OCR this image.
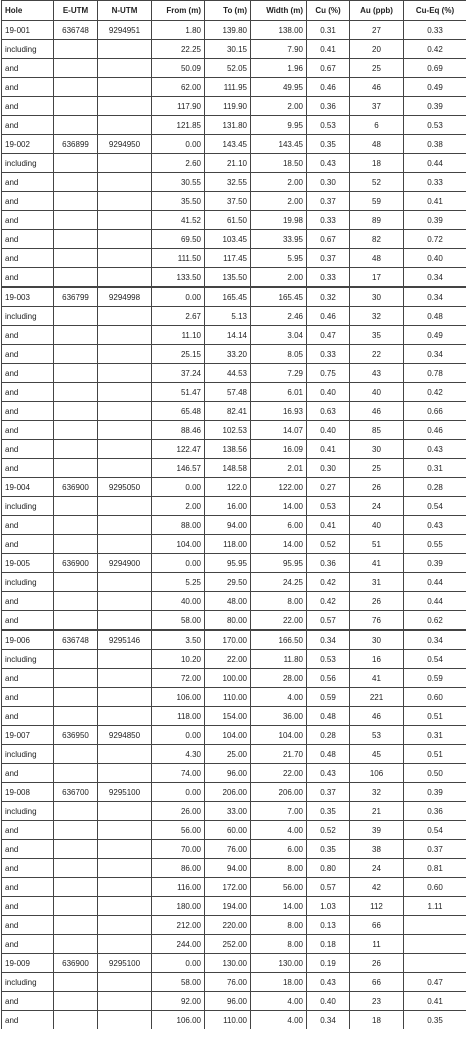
Hole	E-UTM	N-UTM	From (m)	To (m)	Width (m)	Cu (%)	Au (ppb)	Cu-Eq (%)
19-001	636748	9294951	1.80	139.80	138.00	0.31	27	0.33
including			22.25	30.15	7.90	0.41	20	0.42
and			50.09	52.05	1.96	0.67	25	0.69
and			62.00	111.95	49.95	0.46	46	0.49
and			117.90	119.90	2.00	0.36	37	0.39
and			121.85	131.80	9.95	0.53	6	0.53
19-002	636899	9294950	0.00	143.45	143.45	0.35	48	0.38
including			2.60	21.10	18.50	0.43	18	0.44
and			30.55	32.55	2.00	0.30	52	0.33
and			35.50	37.50	2.00	0.37	59	0.41
and			41.52	61.50	19.98	0.33	89	0.39
and			69.50	103.45	33.95	0.67	82	0.72
and			111.50	117.45	5.95	0.37	48	0.40
and			133.50	135.50	2.00	0.33	17	0.34
19-003	636799	9294998	0.00	165.45	165.45	0.32	30	0.34
including			2.67	5.13	2.46	0.46	32	0.48
and			11.10	14.14	3.04	0.47	35	0.49
and			25.15	33.20	8.05	0.33	22	0.34
and			37.24	44.53	7.29	0.75	43	0.78
and			51.47	57.48	6.01	0.40	40	0.42
and			65.48	82.41	16.93	0.63	46	0.66
and			88.46	102.53	14.07	0.40	85	0.46
and			122.47	138.56	16.09	0.41	30	0.43
and			146.57	148.58	2.01	0.30	25	0.31
19-004	636900	9295050	0.00	122.0	122.00	0.27	26	0.28
including			2.00	16.00	14.00	0.53	24	0.54
and			88.00	94.00	6.00	0.41	40	0.43
and			104.00	118.00	14.00	0.52	51	0.55
19-005	636900	9294900	0.00	95.95	95.95	0.36	41	0.39
including			5.25	29.50	24.25	0.42	31	0.44
and			40.00	48.00	8.00	0.42	26	0.44
and			58.00	80.00	22.00	0.57	76	0.62
19-006	636748	9295146	3.50	170.00	166.50	0.34	30	0.34
including			10.20	22.00	11.80	0.53	16	0.54
and			72.00	100.00	28.00	0.56	41	0.59
and			106.00	110.00	4.00	0.59	221	0.60
and			118.00	154.00	36.00	0.48	46	0.51
19-007	636950	9294850	0.00	104.00	104.00	0.28	53	0.31
including			4.30	25.00	21.70	0.48	45	0.51
and			74.00	96.00	22.00	0.43	106	0.50
19-008	636700	9295100	0.00	206.00	206.00	0.37	32	0.39
including			26.00	33.00	7.00	0.35	21	0.36
and			56.00	60.00	4.00	0.52	39	0.54
and			70.00	76.00	6.00	0.35	38	0.37
and			86.00	94.00	8.00	0.80	24	0.81
and			116.00	172.00	56.00	0.57	42	0.60
and			180.00	194.00	14.00	1.03	112	1.11
and			212.00	220.00	8.00	0.13	66	
and			244.00	252.00	8.00	0.18	11	
19-009	636900	9295100	0.00	130.00	130.00	0.19	26	
including			58.00	76.00	18.00	0.43	66	0.47
and			92.00	96.00	4.00	0.40	23	0.41
and			106.00	110.00	4.00	0.34	18	0.35
